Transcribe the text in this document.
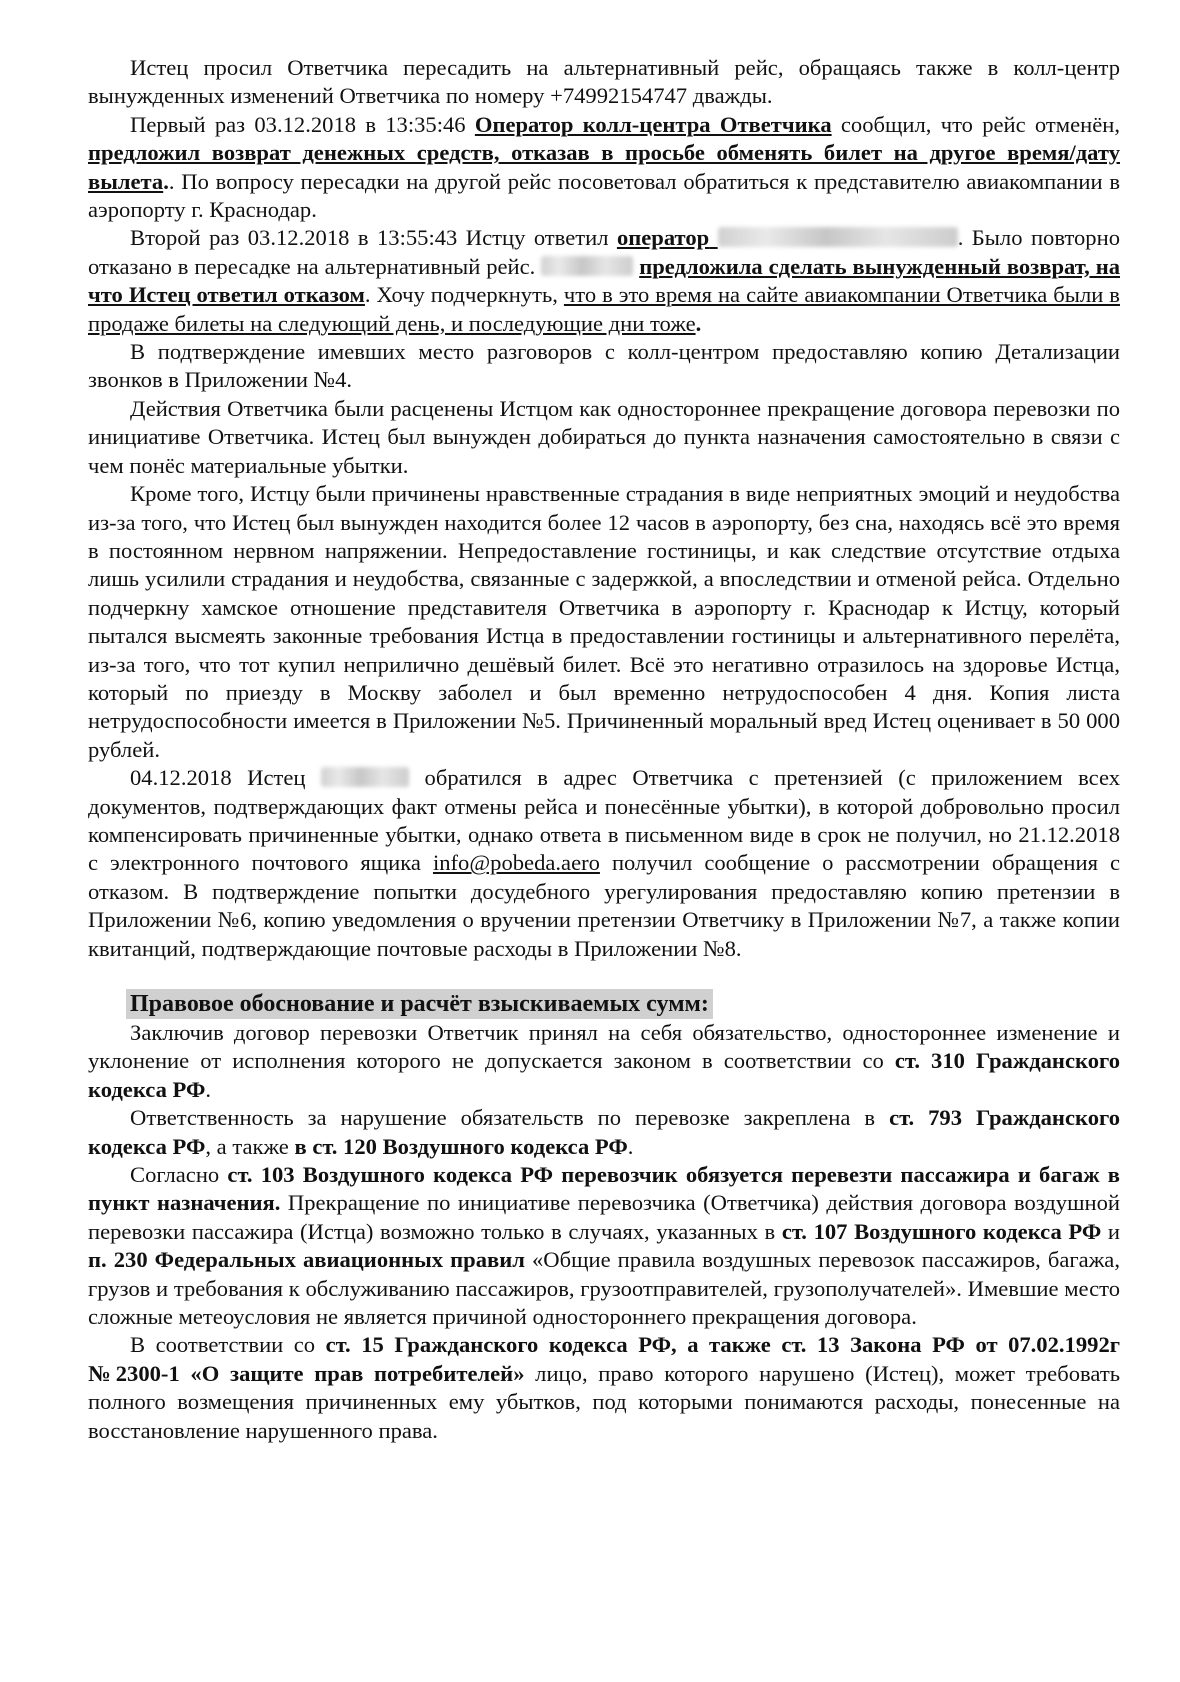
Истец просил Ответчика пересадить на альтернативный рейс, обращаясь также в колл-центр вынужденных изменений Ответчика по номеру +74992154747 дважды.

Первый раз 03.12.2018 в 13:35:46 Оператор колл-центра Ответчика сообщил, что рейс отменён, предложил возврат денежных средств, отказав в просьбе обменять билет на другое время/дату вылета.. По вопросу пересадки на другой рейс посоветовал обратиться к представителю авиакомпании в аэропорту г. Краснодар.

Второй раз 03.12.2018 в 13:55:43 Истцу ответил оператор	. Было повторно отказано в пересадке на альтернативный рейс.	предложила сделать вынужденный возврат, на что Истец ответил отказом. Хочу подчеркнуть, что в это время на сайте авиакомпании Ответчика были в продаже билеты на следующий день, и последующие дни тоже.

В подтверждение имевших место разговоров с колл-центром предоставляю копию Детализации звонков в Приложении №4.

Действия Ответчика были расценены Истцом как одностороннее прекращение договора перевозки по инициативе Ответчика. Истец был вынужден добираться до пункта назначения самостоятельно в связи с чем понёс материальные убытки.

Кроме того, Истцу были причинены нравственные страдания в виде неприятных эмоций и неудобства из-за того, что Истец был вынужден находится более 12 часов в аэропорту, без сна, находясь всё это время в постоянном нервном напряжении. Непредоставление гостиницы, и как следствие отсутствие отдыха лишь усилили страдания и неудобства, связанные с задержкой, а впоследствии и отменой рейса. Отдельно подчеркну хамское отношение представителя Ответчика в аэропорту г. Краснодар к Истцу, который пытался высмеять законные требования Истца в предоставлении гостиницы и альтернативного перелёта, из-за того, что тот купил неприлично дешёвый билет. Всё это негативно отразилось на здоровье Истца, который по приезду в Москву заболел и был временно нетрудоспособен 4 дня. Копия листа нетрудоспособности имеется в Приложении №5. Причиненный моральный вред Истец оценивает в 50 000 рублей.

04.12.2018 Истец	обратился в адрес Ответчика с претензией (с приложением всех документов, подтверждающих факт отмены рейса и понесённые убытки), в которой добровольно просил компенсировать причиненные убытки, однако ответа в письменном виде в срок не получил, но 21.12.2018 с электронного почтового ящика info@pobeda.aero получил сообщение о рассмотрении обращения с отказом. В подтверждение попытки досудебного урегулирования предоставляю копию претензии в Приложении №6, копию уведомления о вручении претензии Ответчику в Приложении №7, а также копии квитанций, подтверждающие почтовые расходы в Приложении №8.

Правовое обоснование и расчёт взыскиваемых сумм:

Заключив договор перевозки Ответчик принял на себя обязательство, одностороннее изменение и уклонение от исполнения которого не допускается законом в соответствии со ст. 310 Гражданского кодекса РФ.

Ответственность за нарушение обязательств по перевозке закреплена в ст. 793 Гражданского кодекса РФ, а также в ст. 120 Воздушного кодекса РФ.

Согласно ст. 103 Воздушного кодекса РФ перевозчик обязуется перевезти пассажира и багаж в пункт назначения. Прекращение по инициативе перевозчика (Ответчика) действия договора воздушной перевозки пассажира (Истца) возможно только в случаях, указанных в ст. 107 Воздушного кодекса РФ и п. 230 Федеральных авиационных правил «Общие правила воздушных перевозок пассажиров, багажа, грузов и требования к обслуживанию пассажиров, грузоотправителей, грузополучателей». Имевшие место сложные метеоусловия не является причиной одностороннего прекращения договора.

В соответствии со ст. 15 Гражданского кодекса РФ, а также ст. 13 Закона РФ от 07.02.1992г №2300-1 «О защите прав потребителей» лицо, право которого нарушено (Истец), может требовать полного возмещения причиненных ему убытков, под которыми понимаются расходы, понесенные на восстановление нарушенного права.
